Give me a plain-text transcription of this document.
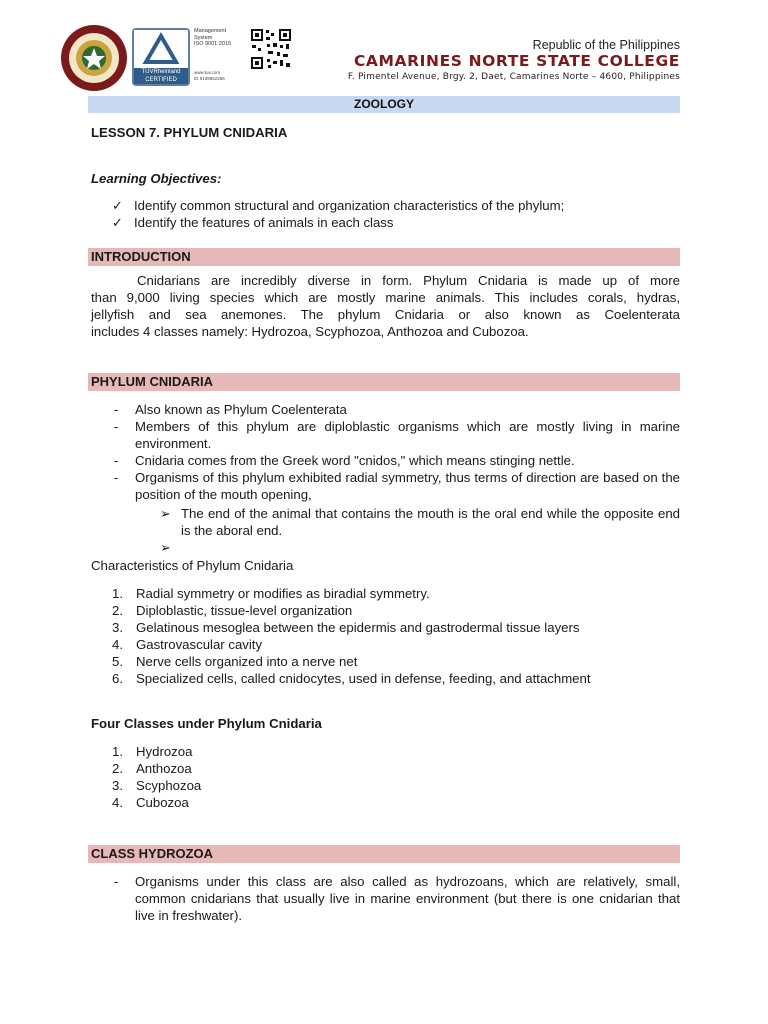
TÜVRheinland
CERTIFIED
Management
System
ISO 9001:2015
www.tuv.com
ID 9108652266
Republic of the Philippines
CAMARINES NORTE STATE COLLEGE
F. Pimentel Avenue, Brgy. 2, Daet, Camarines Norte – 4600, Philippines
ZOOLOGY
LESSON 7. PHYLUM CNIDARIA
Learning Objectives:
✓ Identify common structural and organization characteristics of the phylum;
✓ Identify the features of animals in each class
INTRODUCTION
Cnidarians are incredibly diverse in form. Phylum Cnidaria is made up of more
than 9,000 living species which are mostly marine animals. This includes corals, hydras,
jellyfish and sea anemones. The phylum Cnidaria or also known as Coelenterata
includes 4 classes namely: Hydrozoa, Scyphozoa, Anthozoa and Cubozoa.
PHYLUM CNIDARIA
- Also known as Phylum Coelenterata
- Members of this phylum are diploblastic organisms which are mostly living in marine environment.
- Cnidaria comes from the Greek word "cnidos," which means stinging nettle.
- Organisms of this phylum exhibited radial symmetry, thus terms of direction are based on the position of the mouth opening,
➢ The end of the animal that contains the mouth is the oral end while the opposite end is the aboral end.
➢
Characteristics of Phylum Cnidaria
1. Radial symmetry or modifies as biradial symmetry.
2. Diploblastic, tissue-level organization
3. Gelatinous mesoglea between the epidermis and gastrodermal tissue layers
4. Gastrovascular cavity
5. Nerve cells organized into a nerve net
6. Specialized cells, called cnidocytes, used in defense, feeding, and attachment
Four Classes under Phylum Cnidaria
1. Hydrozoa
2. Anthozoa
3. Scyphozoa
4. Cubozoa
CLASS HYDROZOA
- Organisms under this class are also called as hydrozoans, which are relatively, small, common cnidarians that usually live in marine environment (but there is one cnidarian that live in freshwater).
